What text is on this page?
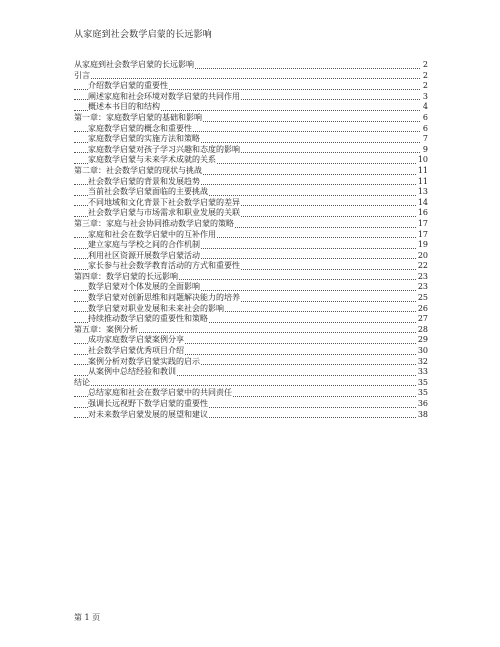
从家庭到社会数学启蒙的长远影响
从家庭到社会数学启蒙的长远影响	2
引言	2
介绍数学启蒙的重要性	2
阐述家庭和社会环境对数学启蒙的共同作用	3
概述本书目的和结构	4
第一章：家庭数学启蒙的基础和影响	6
家庭数学启蒙的概念和重要性	6
家庭数学启蒙的实施方法和策略	7
家庭数学启蒙对孩子学习兴趣和态度的影响	9
家庭数学启蒙与未来学术成就的关系	10
第二章：社会数学启蒙的现状与挑战	11
社会数学启蒙的背景和发展趋势	11
当前社会数学启蒙面临的主要挑战	13
不同地域和文化背景下社会数学启蒙的差异	14
社会数学启蒙与市场需求和职业发展的关联	16
第三章：家庭与社会协同推动数学启蒙的策略	17
家庭和社会在数学启蒙中的互补作用	17
建立家庭与学校之间的合作机制	19
利用社区资源开展数学启蒙活动	20
家长参与社会数学教育活动的方式和重要性	22
第四章：数学启蒙的长远影响	23
数学启蒙对个体发展的全面影响	23
数学启蒙对创新思维和问题解决能力的培养	25
数学启蒙对职业发展和未来社会的影响	26
持续推动数学启蒙的重要性和策略	27
第五章：案例分析	28
成功家庭数学启蒙案例分享	29
社会数学启蒙优秀项目介绍	30
案例分析对数学启蒙实践的启示	32
从案例中总结经验和教训	33
结论	35
总结家庭和社会在数学启蒙中的共同责任	35
强调长远视野下数学启蒙的重要性	36
对未来数学启蒙发展的展望和建议	38
第 1 页
